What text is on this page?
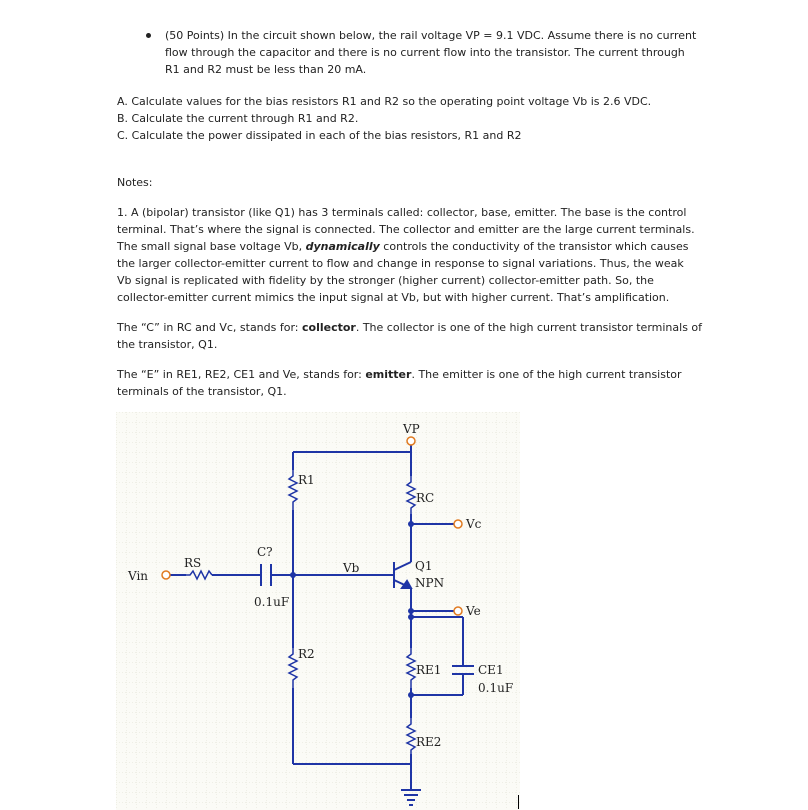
(50 Points) In the circuit shown below, the rail voltage VP = 9.1 VDC. Assume there is no current
flow through the capacitor and there is no current flow into the transistor. The current through
R1 and R2 must be less than 20 mA.
A. Calculate values for the bias resistors R1 and R2 so the operating point voltage Vb is 2.6 VDC.
B. Calculate the current through R1 and R2.
C. Calculate the power dissipated in each of the bias resistors, R1 and R2
Notes:
1. A (bipolar) transistor (like Q1) has 3 terminals called: collector, base, emitter. The base is the control
terminal. That’s where the signal is connected. The collector and emitter are the large current terminals.
The small signal base voltage Vb, dynamically controls the conductivity of the transistor which causes
the larger collector-emitter current to flow and change in response to signal variations. Thus, the weak
Vb signal is replicated with fidelity by the stronger (higher current) collector-emitter path. So, the
collector-emitter current mimics the input signal at Vb, but with higher current. That’s amplification.
The “C” in RC and Vc, stands for: collector. The collector is one of the high current transistor terminals of
the transistor, Q1.
The “E” in RE1, RE2, CE1 and Ve, stands for: emitter. The emitter is one of the high current transistor
terminals of the transistor, Q1.
VP
R1
RC
Vc
C?
RS
Vin
0.1uF
Vb	Q1
NPN
Ve
R2
RE1	CE1
0.1uF
RE2
